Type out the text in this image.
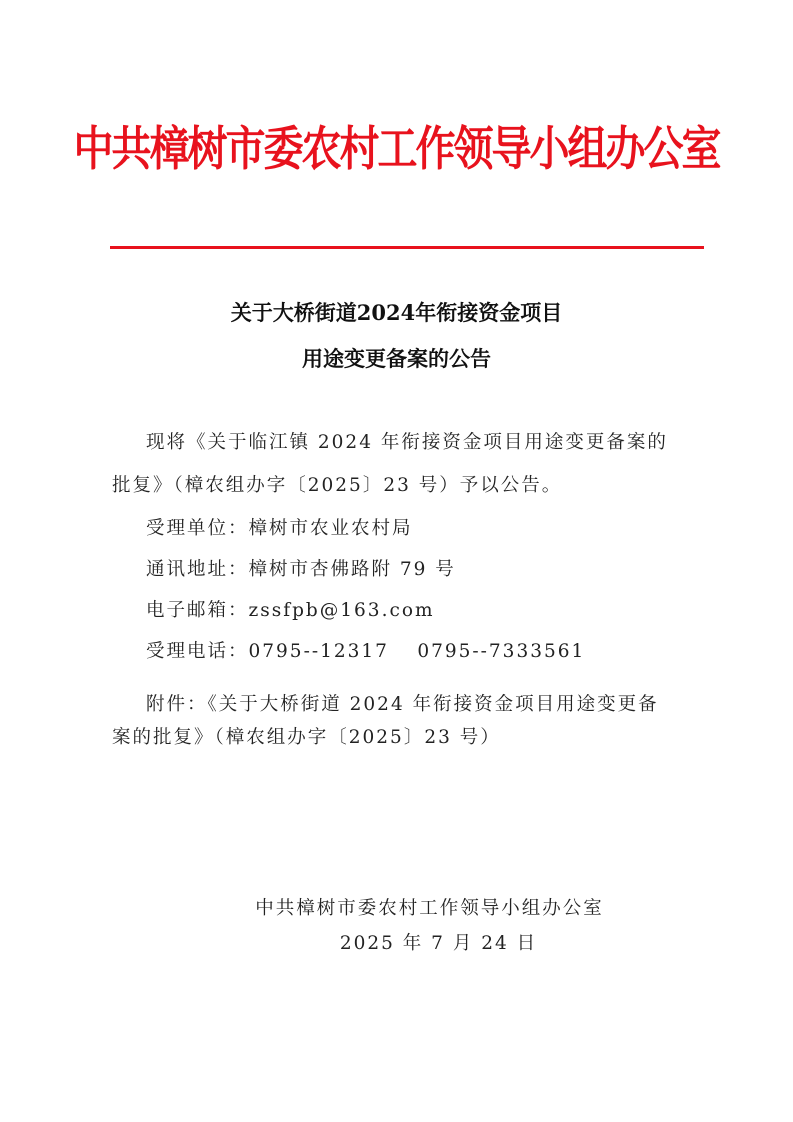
中共樟树市委农村工作领导小组办公室
关于大桥街道2024年衔接资金项目
用途变更备案的公告
现将《关于临江镇 2024 年衔接资金项目用途变更备案的
批复》（樟农组办字〔2025〕23 号）予以公告。
受理单位：樟树市农业农村局
通讯地址：樟树市杏佛路附 79 号
电子邮箱：zssfpb@163.com
受理电话：0795--12317　 0795--7333561
附件：《关于大桥街道 2024 年衔接资金项目用途变更备
案的批复》（樟农组办字〔2025〕23 号）
中共樟树市委农村工作领导小组办公室
2025 年 7 月 24 日
